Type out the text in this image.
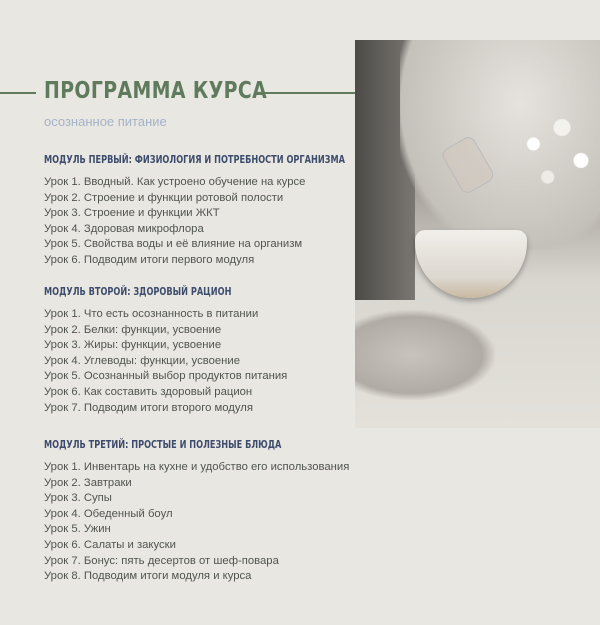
ПРОГРАММА КУРСА
осознанное питание
МОДУЛЬ ПЕРВЫЙ: ФИЗИОЛОГИЯ И ПОТРЕБНОСТИ ОРГАНИЗМА
Урок 1. Вводный. Как устроено обучение на курсе
Урок 2. Строение и функции ротовой полости
Урок 3. Строение и функции ЖКТ
Урок 4. Здоровая микрофлора
Урок 5. Свойства воды и её влияние на организм
Урок 6. Подводим итоги первого модуля
МОДУЛЬ ВТОРОЙ: ЗДОРОВЫЙ РАЦИОН
Урок 1. Что есть осознанность в питании
Урок 2. Белки: функции, усвоение
Урок 3. Жиры: функции, усвоение
Урок 4. Углеводы: функции, усвоение
Урок 5. Осознанный выбор продуктов питания
Урок 6. Как составить здоровый рацион
Урок 7. Подводим итоги второго модуля
МОДУЛЬ ТРЕТИЙ: ПРОСТЫЕ И ПОЛЕЗНЫЕ БЛЮДА
Урок 1. Инвентарь на кухне и удобство его использования
Урок 2. Завтраки
Урок 3. Супы
Урок 4. Обеденный боул
Урок 5. Ужин
Урок 6. Салаты и закуски
Урок 7. Бонус: пять десертов от шеф-повара
Урок 8. Подводим итоги модуля и курса
